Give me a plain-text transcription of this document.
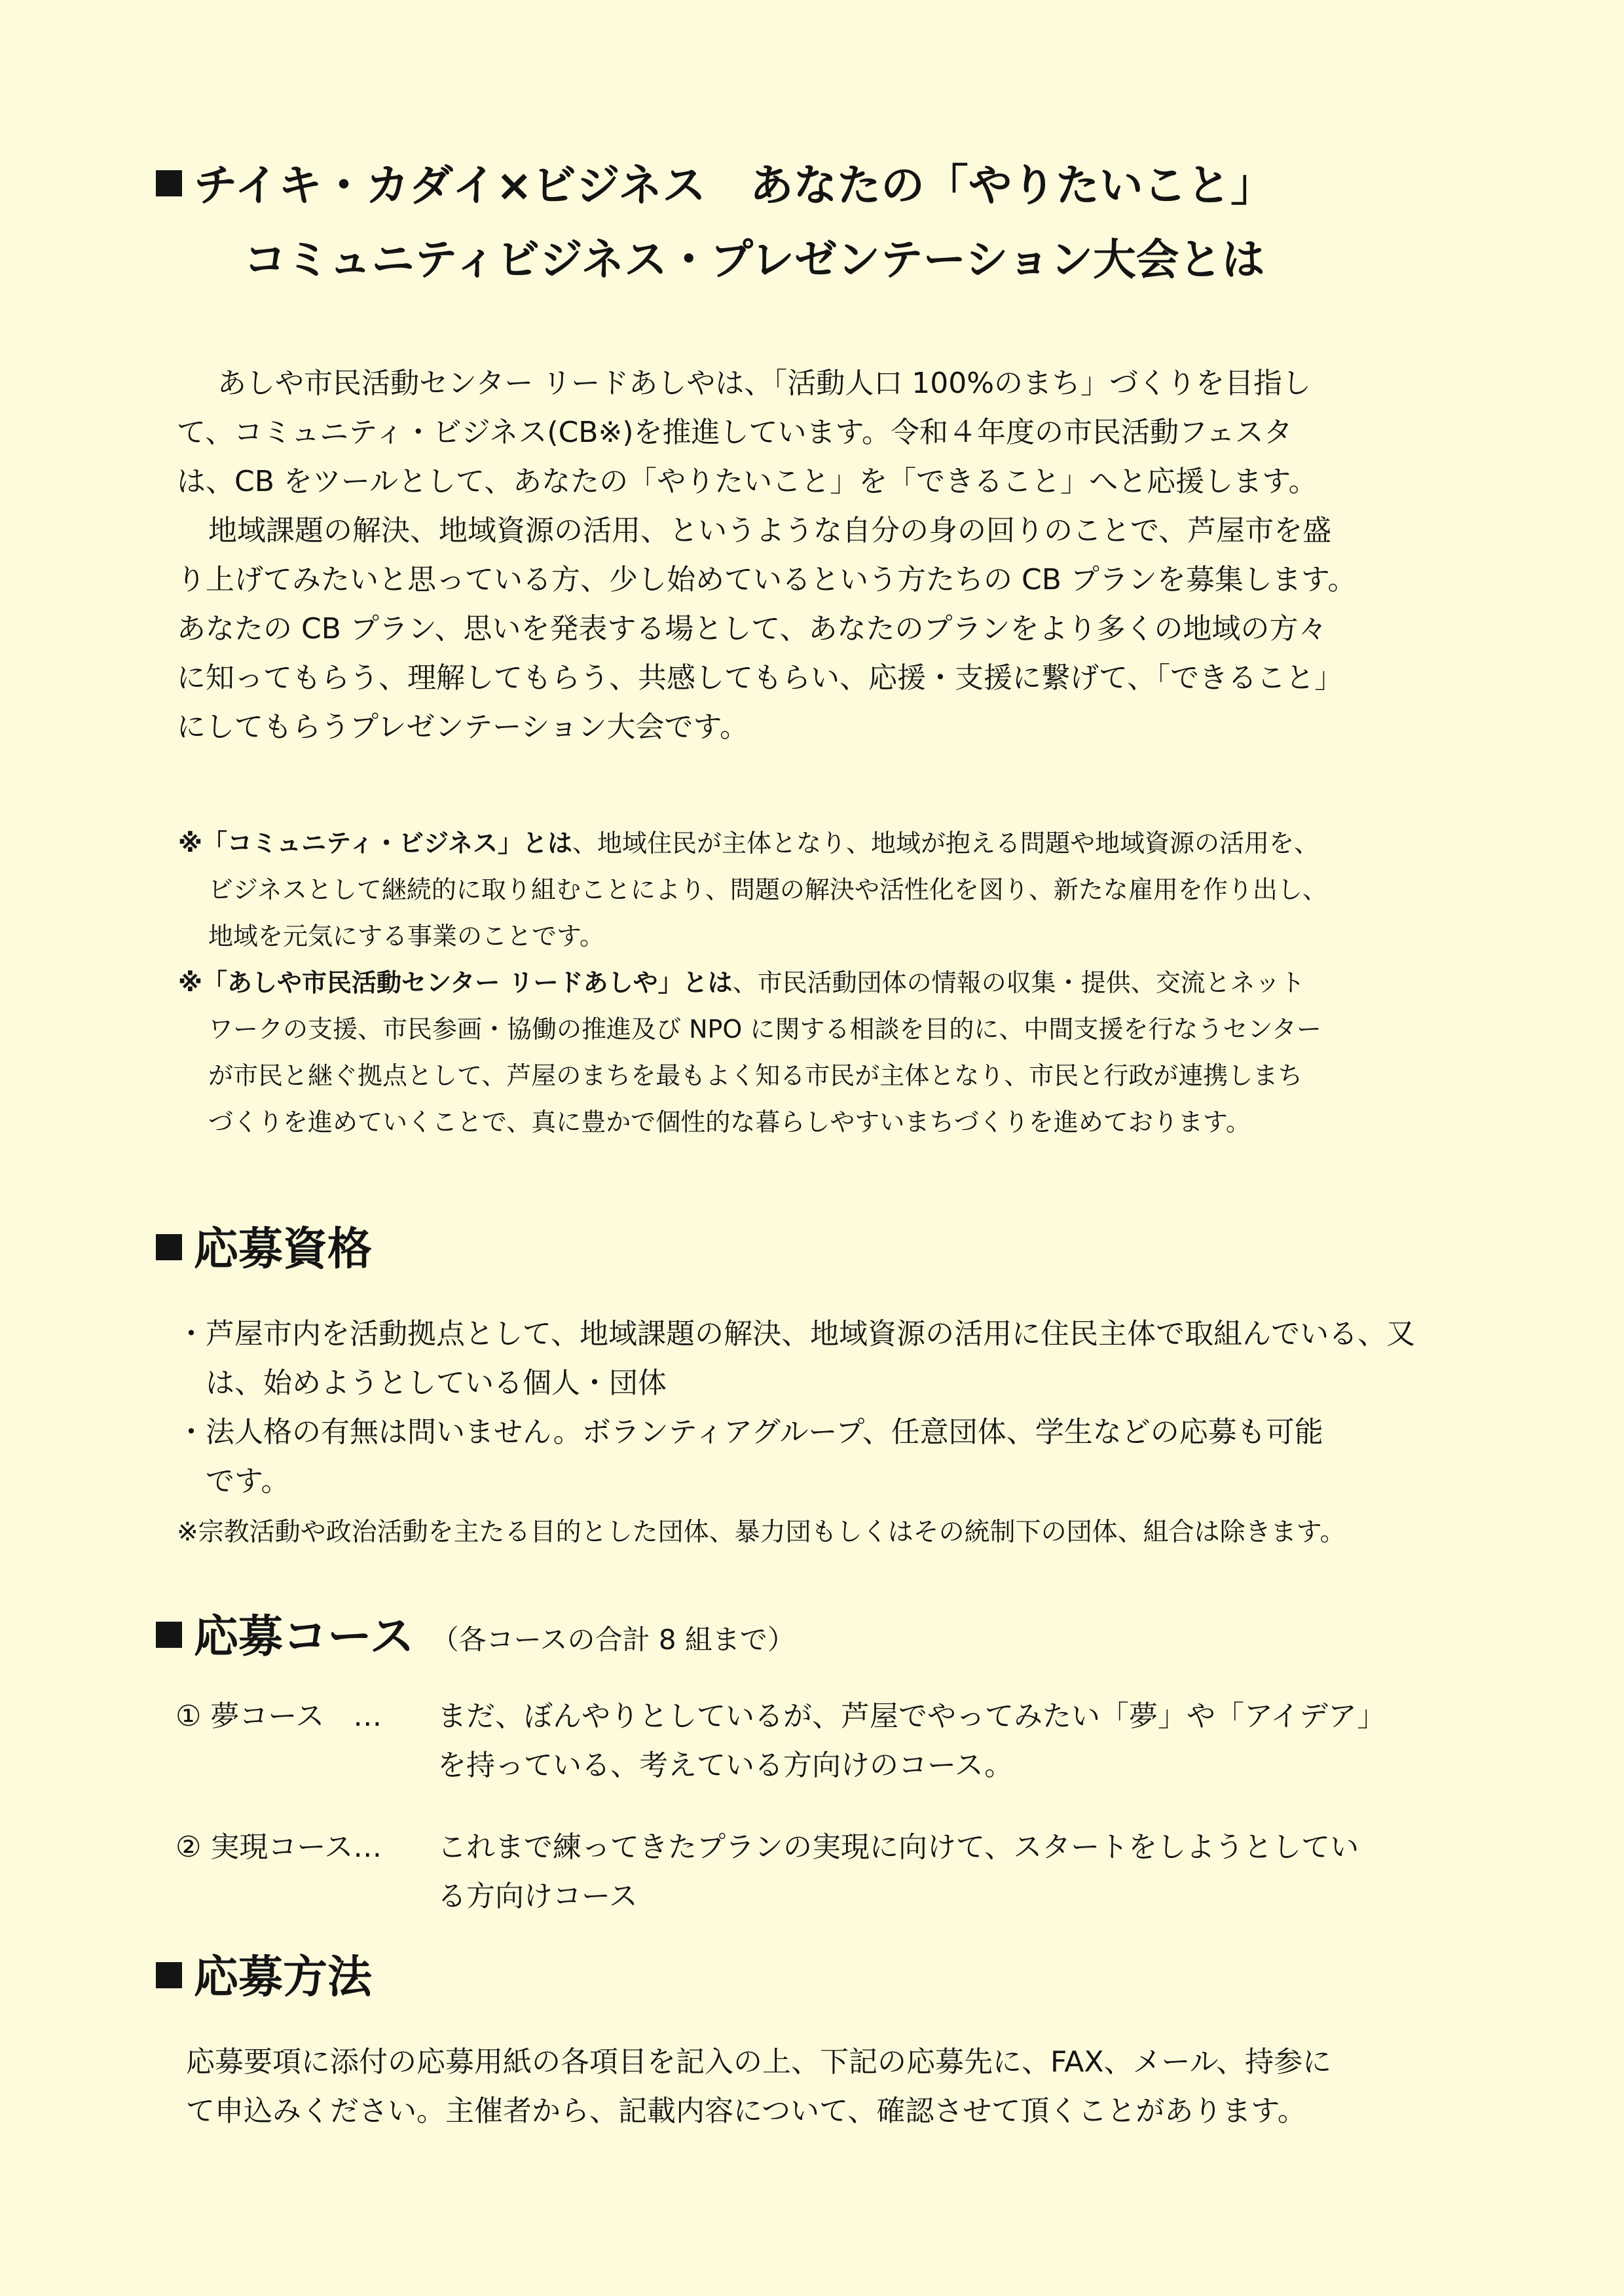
チイキ・カダイ×ビジネス　あなたの「やりたいこと」
コミュニティビジネス・プレゼンテーション大会とは
あしや市民活動センター リードあしやは、「活動人口 100%のまち」づくりを目指し
て、コミュニティ・ビジネス(CB※)を推進しています。令和４年度の市民活動フェスタ
は、CB をツールとして、あなたの「やりたいこと」を「できること」へと応援します。
地域課題の解決、地域資源の活用、というような自分の身の回りのことで、芦屋市を盛
り上げてみたいと思っている方、少し始めているという方たちの CB プランを募集します。
あなたの CB プラン、思いを発表する場として、あなたのプランをより多くの地域の方々
に知ってもらう、理解してもらう、共感してもらい、応援・支援に繋げて、「できること」
にしてもらうプレゼンテーション大会です。
※「コミュニティ・ビジネス」とは、地域住民が主体となり、地域が抱える問題や地域資源の活用を、
ビジネスとして継続的に取り組むことにより、問題の解決や活性化を図り、新たな雇用を作り出し、
地域を元気にする事業のことです。
※「あしや市民活動センター リードあしや」とは、市民活動団体の情報の収集・提供、交流とネット
ワークの支援、市民参画・協働の推進及び NPO に関する相談を目的に、中間支援を行なうセンター
が市民と継ぐ拠点として、芦屋のまちを最もよく知る市民が主体となり、市民と行政が連携しまち
づくりを進めていくことで、真に豊かで個性的な暮らしやすいまちづくりを進めております。
応募資格
・芦屋市内を活動拠点として、地域課題の解決、地域資源の活用に住民主体で取組んでいる、又
　は、始めようとしている個人・団体
・法人格の有無は問いません。ボランティアグループ、任意団体、学生などの応募も可能
　です。
※宗教活動や政治活動を主たる目的とした団体、暴力団もしくはその統制下の団体、組合は除きます。
応募コース （各コースの合計 8 組まで）
① 夢コース　… まだ、ぼんやりとしているが、芦屋でやってみたい「夢」や「アイデア」
を持っている、考えている方向けのコース。
② 実現コース… これまで練ってきたプランの実現に向けて、スタートをしようとしてい
る方向けコース
応募方法
応募要項に添付の応募用紙の各項目を記入の上、下記の応募先に、FAX、メール、持参に
て申込みください。主催者から、記載内容について、確認させて頂くことがあります。
